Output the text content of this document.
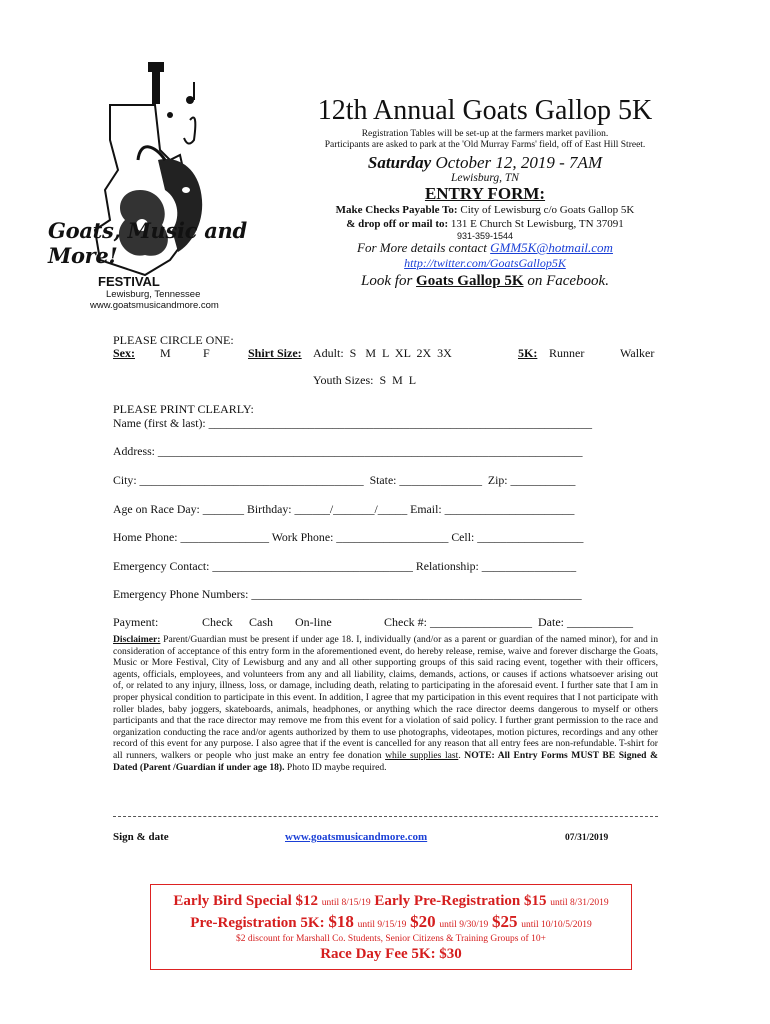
Goats, Music and More!
FESTIVAL
Lewisburg, Tennessee
www.goatsmusicandmore.com
12th Annual Goats Gallop 5K
Registration Tables will be set-up at the farmers market pavilion.
Participants are asked to park at the 'Old Murray Farms' field, off of East Hill Street.
Saturday October 12, 2019 - 7AM
Lewisburg, TN
ENTRY FORM:
Make Checks Payable To: City of Lewisburg c/o Goats Gallop 5K
& drop off or mail to: 131 E Church St Lewisburg, TN 37091
931-359-1544
For More details contact GMM5K@hotmail.com
http://twitter.com/GoatsGallop5K
Look for Goats Gallop 5K on Facebook.
PLEASE CIRCLE ONE:
Sex: M	F	Shirt Size: Adult:  S   M  L  XL  2X  3X	5K: Runner	Walker
Youth Sizes:  S  M  L
PLEASE PRINT CLEARLY:
Name (first & last): _________________________________________________________________
Address: ________________________________________________________________________
City: ______________________________________  State: ______________  Zip: ___________
Age on Race Day: _______ Birthday: ______/_______/_____ Email: ______________________
Home Phone: _______________ Work Phone: ___________________ Cell: __________________
Emergency Contact: __________________________________ Relationship: ________________
Emergency Phone Numbers: ________________________________________________________
Payment:	Check Cash On-line	Check #: _________________  Date: ___________
Disclaimer: Parent/Guardian must be present if under age 18. I, individually (and/or as a parent or guardian of the named minor), for and in consideration of acceptance of this entry form in the aforementioned event, do hereby release, remise, waive and forever discharge the Goats, Music or More Festival, City of Lewisburg and any and all other supporting groups of this said racing event, together with their officers, agents, officials, employees, and volunteers from any and all liability, claims, demands, actions, or causes if actions whatsoever arising out of, or related to any injury, illness, loss, or damage, including death, relating to participating in the aforesaid event. I further sate that I am in proper physical condition to participate in this event. In addition, I agree that my participation in this event requires that I not participate with roller blades, baby joggers, skateboards, animals, headphones, or anything which the race director deems dangerous to myself or others participants and that the race director may remove me from this event for a violation of said policy. I further grant permission to the race and organization conducting the race and/or agents authorized by them to use photographs, videotapes, motion pictures, recordings and any other record of this event for any purpose. I also agree that if the event is cancelled for any reason that all entry fees are non-refundable. T-shirt for all runners, walkers or people who just make an entry fee donation while supplies last. NOTE: All Entry Forms MUST BE Signed & Dated (Parent /Guardian if under age 18). Photo ID maybe required.
Sign & date	www.goatsmusicandmore.com	07/31/2019
Early Bird Special $12 until 8/15/19 Early Pre-Registration $15 until 8/31/2019
Pre-Registration 5K: $18 until 9/15/19 $20 until 9/30/19 $25 until 10/10/5/2019
$2 discount for Marshall Co. Students, Senior Citizens & Training Groups of 10+
Race Day Fee 5K: $30
